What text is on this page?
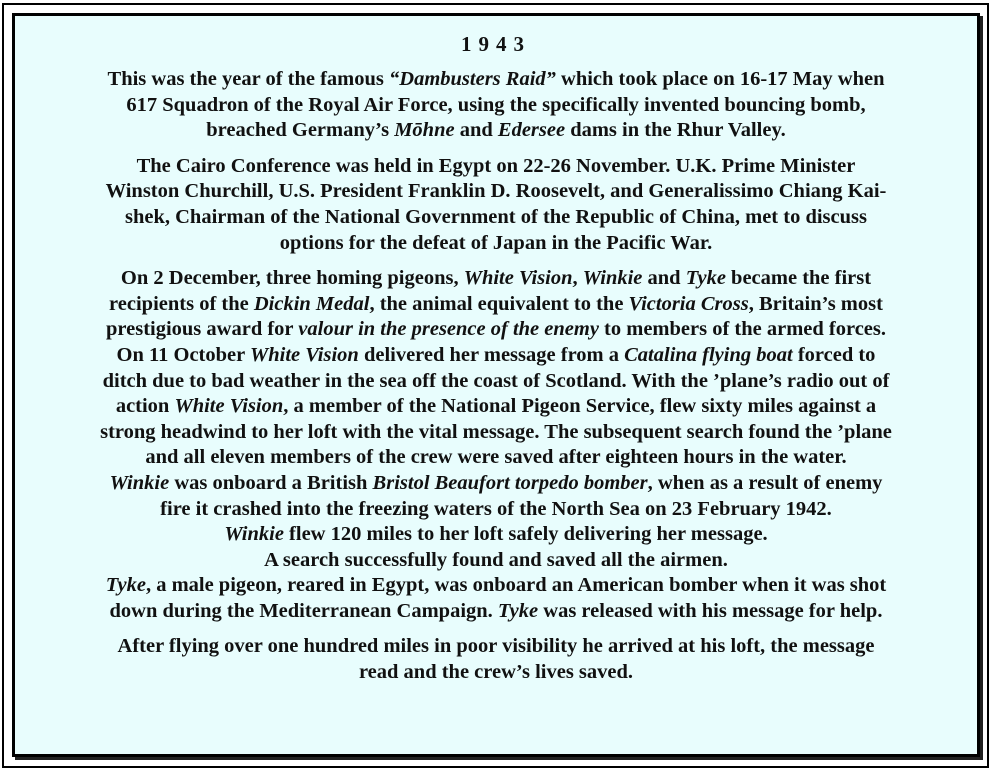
1943
This was the year of the famous “Dambusters Raid” which took place on 16-17 May when
617 Squadron of the Royal Air Force, using the specifically invented bouncing bomb,
breached Germany’s Mōhne and Edersee dams in the Rhur Valley.
The Cairo Conference was held in Egypt on 22-26 November. U.K. Prime Minister
Winston Churchill, U.S. President Franklin D. Roosevelt, and Generalissimo Chiang Kai-
shek, Chairman of the National Government of the Republic of China, met to discuss
options for the defeat of Japan in the Pacific War.
On 2 December, three homing pigeons, White Vision, Winkie and Tyke became the first
recipients of the Dickin Medal, the animal equivalent to the Victoria Cross, Britain’s most
prestigious award for valour in the presence of the enemy to members of the armed forces.
On 11 October White Vision delivered her message from a Catalina flying boat forced to
ditch due to bad weather in the sea off the coast of Scotland. With the ’plane’s radio out of
action White Vision, a member of the National Pigeon Service, flew sixty miles against a
strong headwind to her loft with the vital message. The subsequent search found the ’plane
and all eleven members of the crew were saved after eighteen hours in the water.
Winkie was onboard a British Bristol Beaufort torpedo bomber, when as a result of enemy
fire it crashed into the freezing waters of the North Sea on 23 February 1942.
Winkie flew 120 miles to her loft safely delivering her message.
A search successfully found and saved all the airmen.
Tyke, a male pigeon, reared in Egypt, was onboard an American bomber when it was shot
down during the Mediterranean Campaign. Tyke was released with his message for help.
After flying over one hundred miles in poor visibility he arrived at his loft, the message
read and the crew’s lives saved.
